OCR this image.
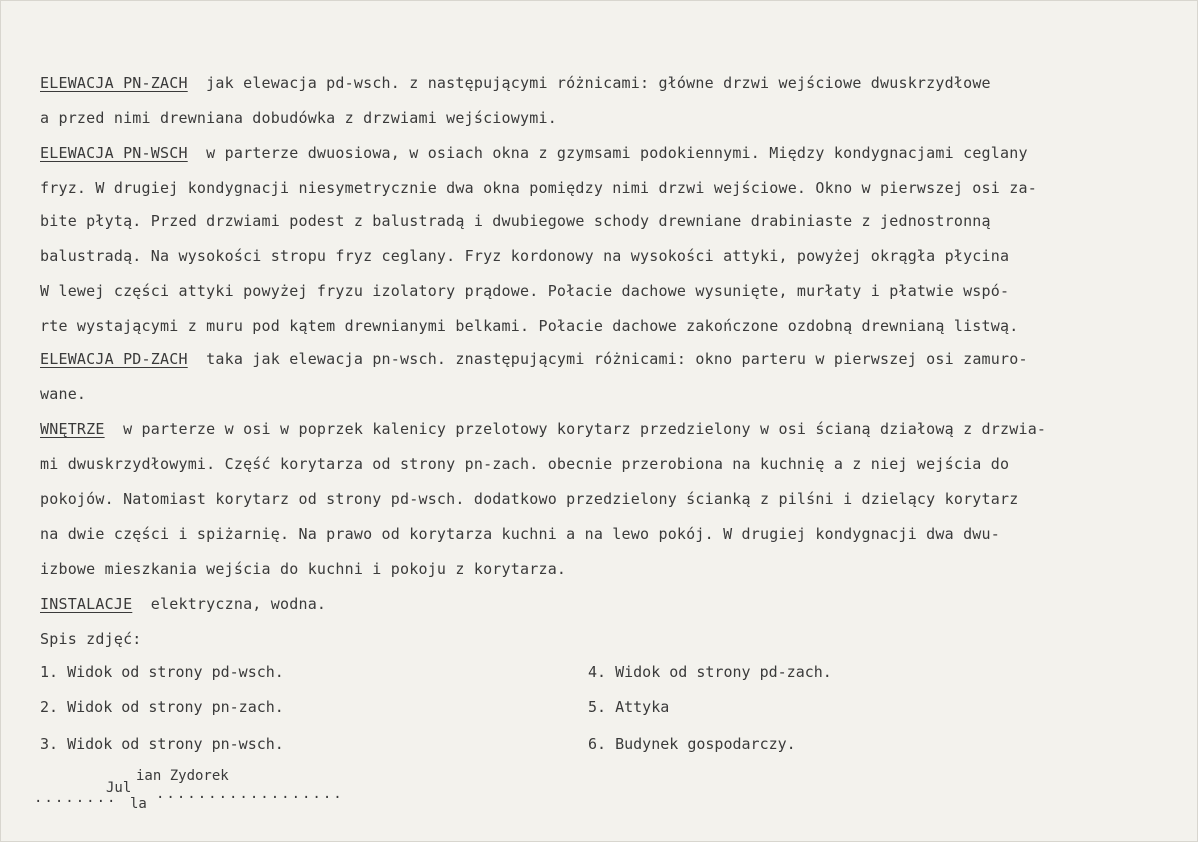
ELEWACJA PN-ZACH  jak elewacja pd-wsch. z następującymi różnicami: główne drzwi wejściowe dwuskrzydłowe
a przed nimi drewniana dobudówka z drzwiami wejściowymi.
ELEWACJA PN-WSCH  w parterze dwuosiowa, w osiach okna z gzymsami podokiennymi. Między kondygnacjami ceglany
fryz. W drugiej kondygnacji niesymetrycznie dwa okna pomiędzy nimi drzwi wejściowe. Okno w pierwszej osi za-
bite płytą. Przed drzwiami podest z balustradą i dwubiegowe schody drewniane drabiniaste z jednostronną
balustradą. Na wysokości stropu fryz ceglany. Fryz kordonowy na wysokości attyki, powyżej okrągła płycina
W lewej części attyki powyżej fryzu izolatory prądowe. Połacie dachowe wysunięte, murłaty i płatwie wspó-
rte wystającymi z muru pod kątem drewnianymi belkami. Połacie dachowe zakończone ozdobną drewnianą listwą.
ELEWACJA PD-ZACH  taka jak elewacja pn-wsch. znastępującymi różnicami: okno parteru w pierwszej osi zamuro-
wane.
WNĘTRZE  w parterze w osi w poprzek kalenicy przelotowy korytarz przedzielony w osi ścianą działową z drzwia-
mi dwuskrzydłowymi. Część korytarza od strony pn-zach. obecnie przerobiona na kuchnię a z niej wejścia do
pokojów. Natomiast korytarz od strony pd-wsch. dodatkowo przedzielony ścianką z pilśni i dzielący korytarz
na dwie części i spiżarnię. Na prawo od korytarza kuchni a na lewo pokój. W drugiej kondygnacji dwa dwu-
izbowe mieszkania wejścia do kuchni i pokoju z korytarza.
INSTALACJE  elektryczna, wodna.
Spis zdjęć:
1. Widok od strony pd-wsch.
2. Widok od strony pn-zach.
3. Widok od strony pn-wsch.
4. Widok od strony pd-zach.
5. Attyka
6. Budynek gospodarczy.
Jul
ian Zydorek
la
........	..................
